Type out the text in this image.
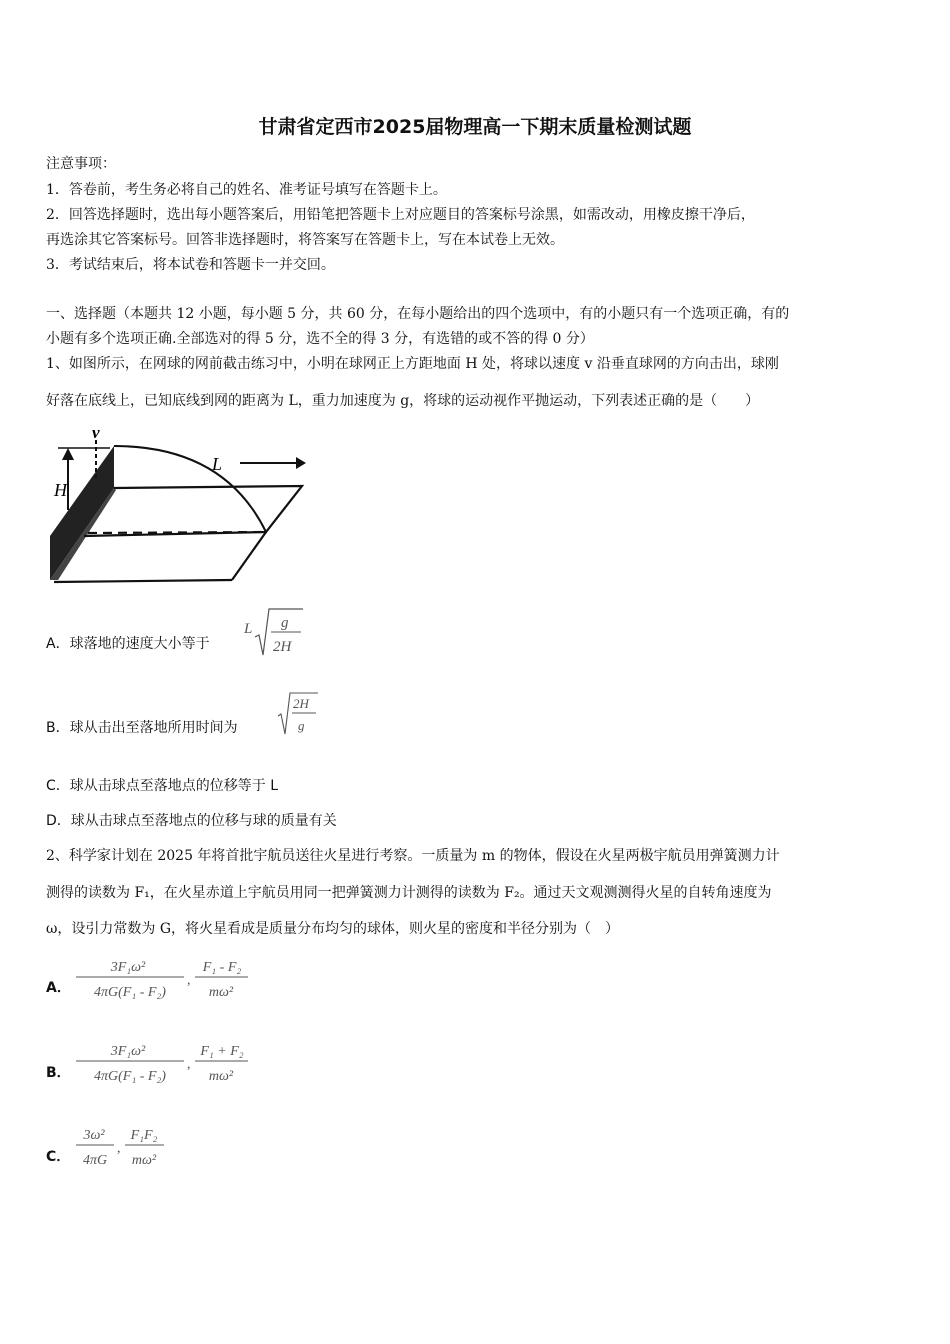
甘肃省定西市2025届物理高一下期末质量检测试题
注意事项：
1．答卷前，考生务必将自己的姓名、准考证号填写在答题卡上。
2．回答选择题时，选出每小题答案后，用铅笔把答题卡上对应题目的答案标号涂黑，如需改动，用橡皮擦干净后，
再选涂其它答案标号。回答非选择题时，将答案写在答题卡上，写在本试卷上无效。
3．考试结束后，将本试卷和答题卡一并交回。
一、选择题（本题共 12 小题，每小题 5 分，共 60 分，在每小题给出的四个选项中，有的小题只有一个选项正确，有的
小题有多个选项正确.全部选对的得 5 分，选不全的得 3 分，有选错的或不答的得 0 分）
1、如图所示，在网球的网前截击练习中，小明在球网正上方距地面 H 处，将球以速度 v 沿垂直球网的方向击出，球刚
好落在底线上，已知底线到网的距离为 L，重力加速度为 g，将球的运动视作平抛运动，下列表述正确的是（　　）
H
v
L
A．球落地的速度大小等于
L g
2H
B．球从击出至落地所用时间为
2H
g
C．球从击球点至落地点的位移等于 L
D．球从击球点至落地点的位移与球的质量有关
2、科学家计划在 2025 年将首批宇航员送往火星进行考察。一质量为 m 的物体，假设在火星两极宇航员用弹簧测力计
测得的读数为 F₁，在火星赤道上宇航员用同一把弹簧测力计测得的读数为 F₂。通过天文观测测得火星的自转角速度为
ω，设引力常数为 G，将火星看成是质量分布均匀的球体，则火星的密度和半径分别为（　）
A．
3F₁ω²
4πG(F₁ - F₂)
,
F₁ - F₂
mω²
B．
3F₁ω²
4πG(F₁ - F₂)
,
F₁ + F₂
mω²
C．
3ω²
4πG
,
F₁F₂
mω²
